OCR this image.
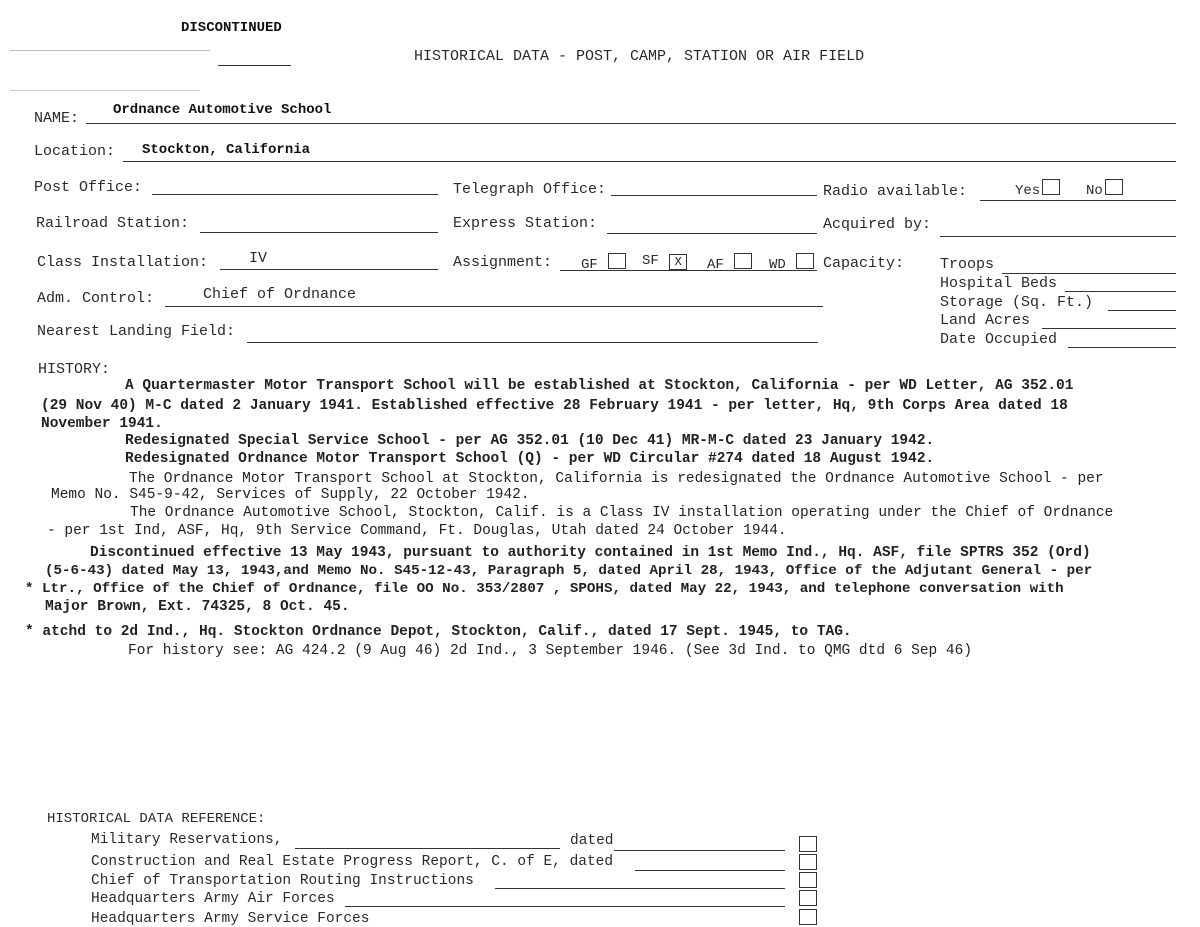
DISCONTINUED
HISTORICAL DATA - POST, CAMP, STATION OR AIR FIELD
NAME: Ordnance Automotive School
Location: Stockton, California
Post Office:	Telegraph Office:	Radio available:	Yes	No
Railroad Station:	Express Station:	Acquired by:
Class Installation:	IV	Assignment: GF	SF X	AF	WD	Capacity: Troops
Hospital Beds
Storage (Sq. Ft.)
Land Acres
Date Occupied
Adm. Control:	Chief of Ordnance
Nearest Landing Field:
HISTORY:
A Quartermaster Motor Transport School will be established at Stockton, California - per WD Letter, AG 352.01
(29 Nov 40) M-C dated 2 January 1941. Established effective 28 February 1941 - per letter, Hq, 9th Corps Area dated 18
November 1941.
Redesignated Special Service School - per AG 352.01 (10 Dec 41) MR-M-C dated 23 January 1942.
Redesignated Ordnance Motor Transport School (Q) - per WD Circular #274 dated 18 August 1942.
The Ordnance Motor Transport School at Stockton, California is redesignated the Ordnance Automotive School - per
Memo No. S45-9-42, Services of Supply, 22 October 1942.
The Ordnance Automotive School, Stockton, Calif. is a Class IV installation operating under the Chief of Ordnance
- per 1st Ind, ASF, Hq, 9th Service Command, Ft. Douglas, Utah dated 24 October 1944.
Discontinued effective 13 May 1943, pursuant to authority contained in 1st Memo Ind., Hq. ASF, file SPTRS 352 (Ord)
(5-6-43) dated May 13, 1943,and Memo No. S45-12-43, Paragraph 5, dated April 28, 1943, Office of the Adjutant General - per
* Ltr., Office of the Chief of Ordnance, file OO No. 353/2807 , SPOHS, dated May 22, 1943, and telephone conversation with
Major Brown, Ext. 74325, 8 Oct. 45.
* atchd to 2d Ind., Hq. Stockton Ordnance Depot, Stockton, Calif., dated 17 Sept. 1945, to TAG.
For history see: AG 424.2 (9 Aug 46) 2d Ind., 3 September 1946. (See 3d Ind. to QMG dtd 6 Sep 46)
HISTORICAL DATA REFERENCE:
Military Reservations,	dated
Construction and Real Estate Progress Report, C. of E, dated
Chief of Transportation Routing Instructions
Headquarters Army Air Forces
Headquarters Army Service Forces
